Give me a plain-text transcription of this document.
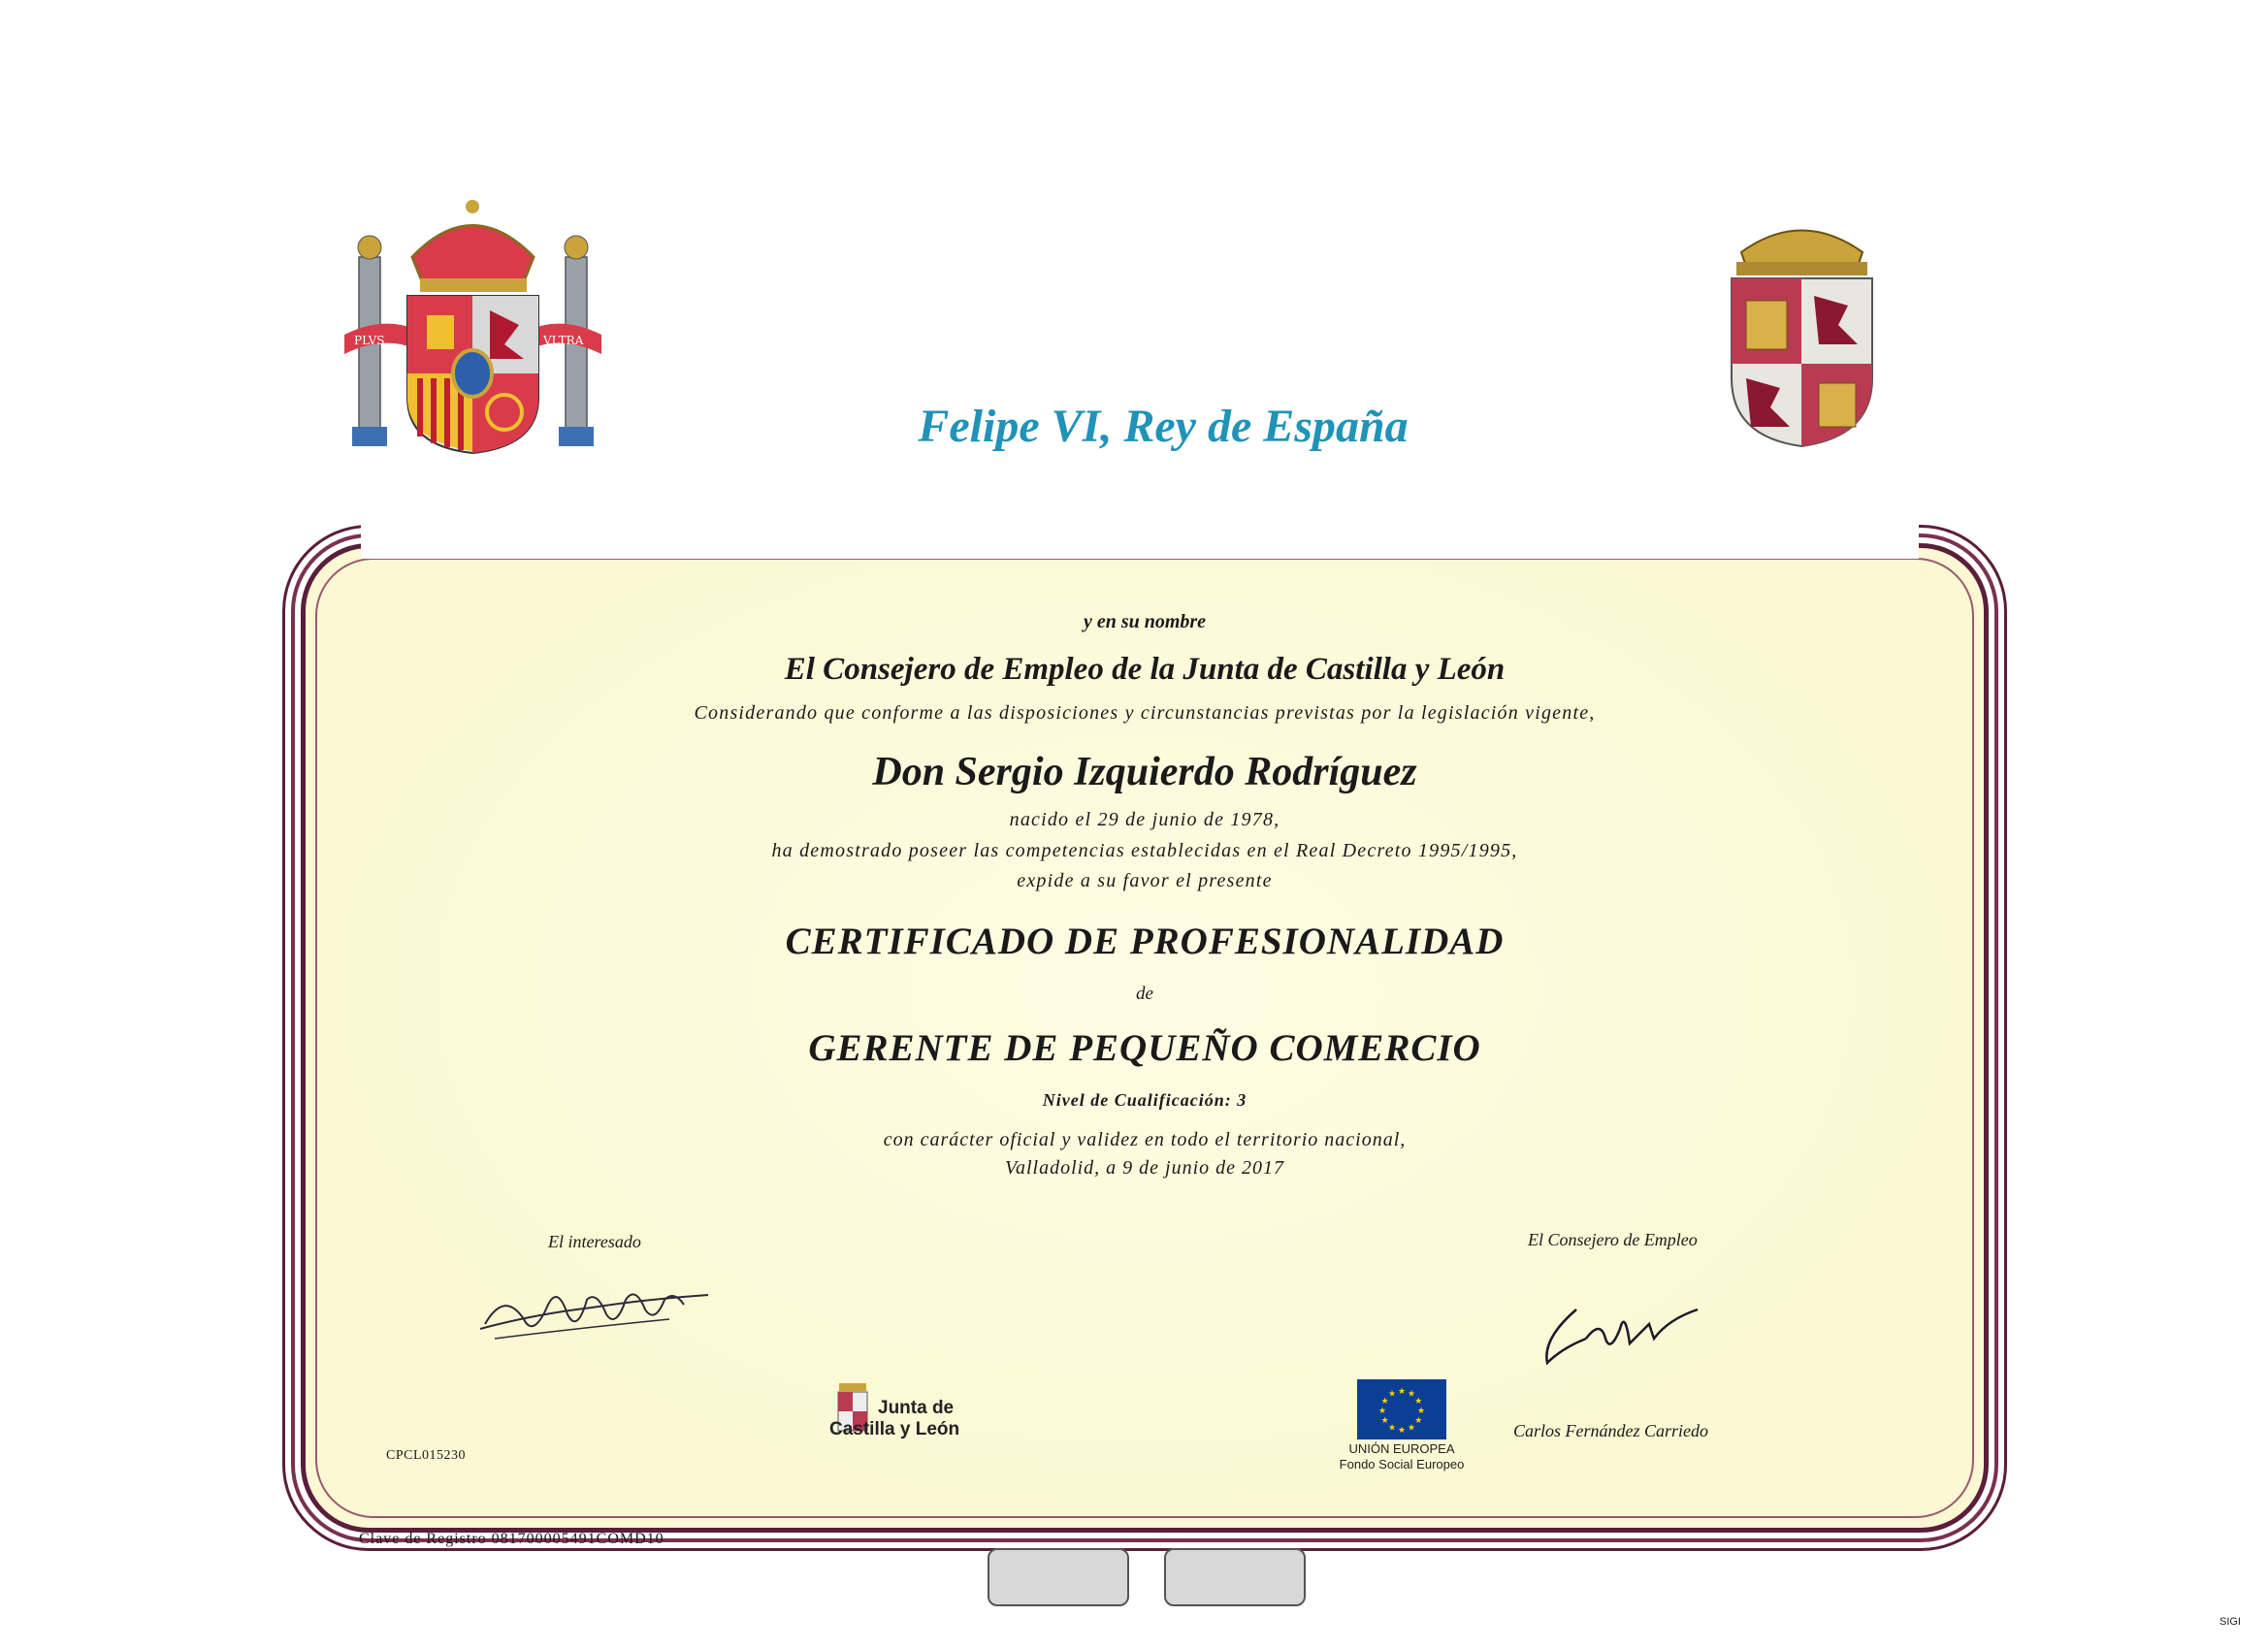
PLVS	VLTRA
Felipe VI, Rey de España
y en su nombre
El Consejero de Empleo de la Junta de Castilla y León
Considerando que conforme a las disposiciones y circunstancias previstas por la legislación vigente,
Don Sergio Izquierdo Rodríguez
nacido el 29 de junio de 1978,
ha demostrado poseer las competencias establecidas en el Real Decreto 1995/1995,
expide a su favor el presente
CERTIFICADO DE PROFESIONALIDAD
de
GERENTE DE PEQUEÑO COMERCIO
Nivel de Cualificación: 3
con carácter oficial y validez en todo el territorio nacional,
Valladolid, a 9 de junio de 2017
El interesado	El Consejero de Empleo
Carlos Fernández Carriedo
Junta de
Castilla y León
★
★
★
★
★
★
★
★
★ ★ ★
★
UNIÓN EUROPEA
Fondo Social Europeo
CPCL015230
Clave de Registro 081700005491COMD10
SIGI
